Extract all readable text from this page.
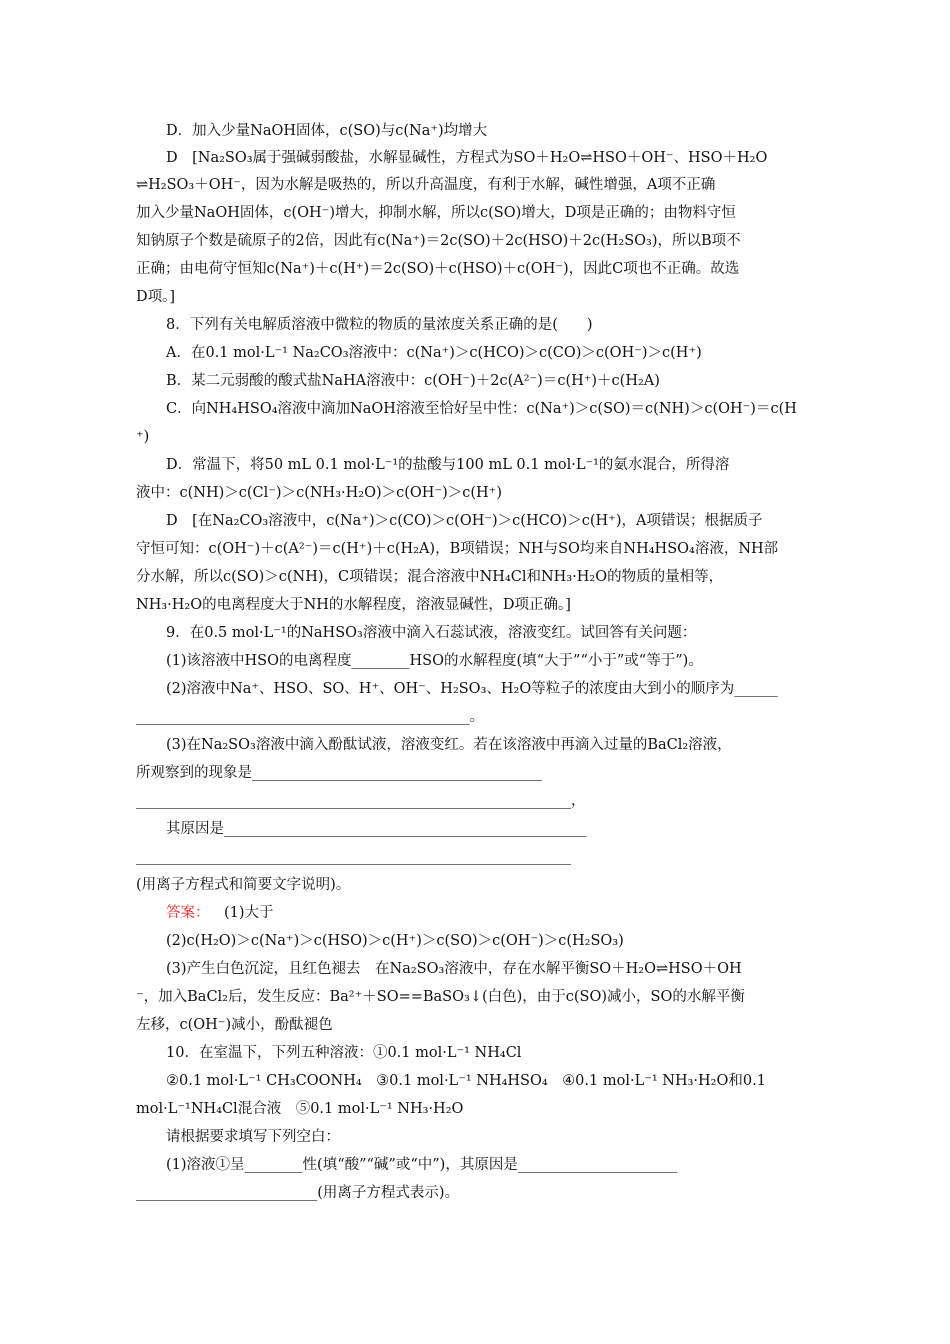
D．加入少量NaOH固体，c(SO)与c(Na⁺)均增大
D　[Na₂SO₃属于强碱弱酸盐，水解显碱性，方程式为SO＋H₂O⇌HSO＋OH⁻、HSO＋H₂O
⇌H₂SO₃＋OH⁻，因为水解是吸热的，所以升高温度，有利于水解，碱性增强，A项不正确
加入少量NaOH固体，c(OH⁻)增大，抑制水解，所以c(SO)增大，D项是正确的；由物料守恒
知钠原子个数是硫原子的2倍，因此有c(Na⁺)＝2c(SO)＋2c(HSO)＋2c(H₂SO₃)，所以B项不
正确；由电荷守恒知c(Na⁺)＋c(H⁺)＝2c(SO)＋c(HSO)＋c(OH⁻)，因此C项也不正确。故选
D项。]
8．下列有关电解质溶液中微粒的物质的量浓度关系正确的是(　　)
A．在0.1 mol·L⁻¹ Na₂CO₃溶液中：c(Na⁺)＞c(HCO)＞c(CO)＞c(OH⁻)＞c(H⁺)
B．某二元弱酸的酸式盐NaHA溶液中：c(OH⁻)＋2c(A²⁻)＝c(H⁺)＋c(H₂A)
C．向NH₄HSO₄溶液中滴加NaOH溶液至恰好呈中性：c(Na⁺)＞c(SO)＝c(NH)＞c(OH⁻)＝c(H
⁺)
D．常温下，将50 mL 0.1 mol·L⁻¹的盐酸与100 mL 0.1 mol·L⁻¹的氨水混合，所得溶
液中：c(NH)＞c(Cl⁻)＞c(NH₃·H₂O)＞c(OH⁻)＞c(H⁺)
D　[在Na₂CO₃溶液中，c(Na⁺)＞c(CO)＞c(OH⁻)＞c(HCO)＞c(H⁺)，A项错误；根据质子
守恒可知：c(OH⁻)＋c(A²⁻)＝c(H⁺)＋c(H₂A)，B项错误；NH与SO均来自NH₄HSO₄溶液，NH部
分水解，所以c(SO)＞c(NH)，C项错误；混合溶液中NH₄Cl和NH₃·H₂O的物质的量相等，
NH₃·H₂O的电离程度大于NH的水解程度，溶液显碱性，D项正确。]
9．在0.5 mol·L⁻¹的NaHSO₃溶液中滴入石蕊试液，溶液变红。试回答有关问题：
(1)该溶液中HSO的电离程度________HSO的水解程度(填“大于”“小于”或“等于”)。
(2)溶液中Na⁺、HSO、SO、H⁺、OH⁻、H₂SO₃、H₂O等粒子的浓度由大到小的顺序为______
______________________________________________。
(3)在Na₂SO₃溶液中滴入酚酞试液，溶液变红。若在该溶液中再滴入过量的BaCl₂溶液，
所观察到的现象是________________________________________
____________________________________________________________，
其原因是__________________________________________________
____________________________________________________________
(用离子方程式和简要文字说明)。
答案：	(1)大于
(2)c(H₂O)＞c(Na⁺)＞c(HSO)＞c(H⁺)＞c(SO)＞c(OH⁻)＞c(H₂SO₃)
(3)产生白色沉淀，且红色褪去　在Na₂SO₃溶液中，存在水解平衡SO＋H₂O⇌HSO＋OH
⁻，加入BaCl₂后，发生反应：Ba²⁺＋SO==BaSO₃↓(白色)，由于c(SO)减小，SO的水解平衡
左移，c(OH⁻)减小，酚酞褪色
10．在室温下，下列五种溶液：①0.1 mol·L⁻¹ NH₄Cl
②0.1 mol·L⁻¹ CH₃COONH₄　③0.1 mol·L⁻¹ NH₄HSO₄　④0.1 mol·L⁻¹ NH₃·H₂O和0.1
mol·L⁻¹NH₄Cl混合液　⑤0.1 mol·L⁻¹ NH₃·H₂O
请根据要求填写下列空白：
(1)溶液①呈________性(填“酸”“碱”或“中”)，其原因是______________________
_________________________(用离子方程式表示)。
